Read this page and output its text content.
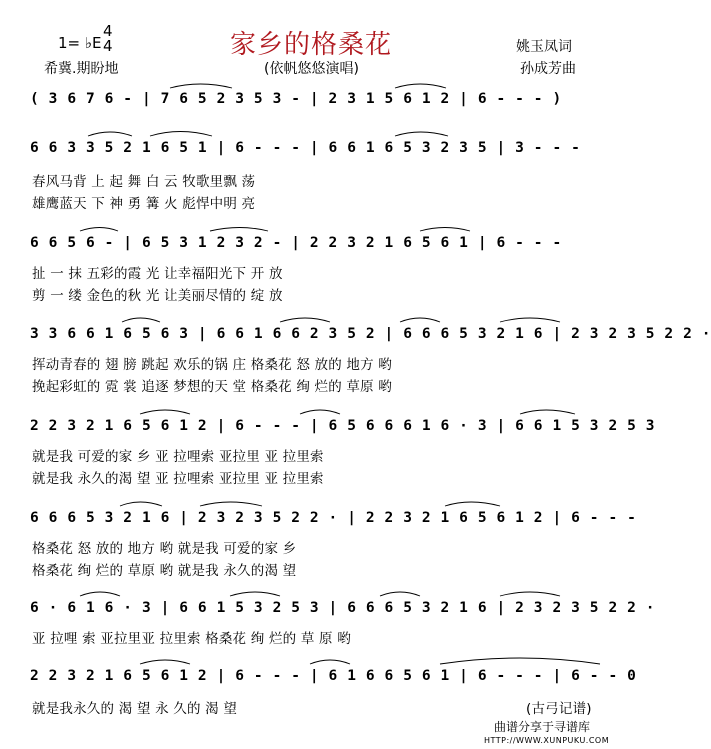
1= ♭E
4
4	家乡的格桑花	姚玉凤词
希冀.期盼地	(依帆悠悠演唱)	孙成芳曲
( 3 6 7 6 - | 7 6 5 2 3 5 3 - | 2 3 1 5 6 1 2 | 6 - - - )
6 6 3 3 5 2 1 6 5 1 | 6 - - - | 6 6 1 6 5 3 2 3 5 | 3 - - -
春风马背 上 起 舞 白 云 牧歌里飘 荡
雄鹰蓝天 下 神 勇 篝 火 彪悍中明 亮
6 6 5 6 - | 6 5 3 1 2 3 2 - | 2 2 3 2 1 6 5 6 1 | 6 - - -
扯 一 抹 五彩的霞 光 让幸福阳光下 开 放
剪 一 缕 金色的秋 光 让美丽尽情的 绽 放
3 3 6 6 1 6 5 6 3 | 6 6 1 6 6 2 3 5 2 | 6 6 6 5 3 2 1 6 | 2 3 2 3 5 2 2 ·
挥动青春的 翅 膀 跳起 欢乐的锅 庄 格桑花 怒 放的 地方 哟
挽起彩虹的 霓 裳 追逐 梦想的天 堂 格桑花 绚 烂的 草原 哟
2 2 3 2 1 6 5 6 1 2 | 6 - - - | 6 5 6 6 6 1 6 · 3 | 6 6 1 5 3 2 5 3
就是我 可爱的家 乡 亚 拉哩索 亚拉里 亚 拉里索
就是我 永久的渴 望 亚 拉哩索 亚拉里 亚 拉里索
6 6 6 5 3 2 1 6 | 2 3 2 3 5 2 2 · | 2 2 3 2 1 6 5 6 1 2 | 6 - - -
格桑花 怒 放的 地方 哟 就是我 可爱的家 乡
格桑花 绚 烂的 草原 哟 就是我 永久的渴 望
6 · 6 1 6 · 3 | 6 6 1 5 3 2 5 3 | 6 6 6 5 3 2 1 6 | 2 3 2 3 5 2 2 ·
亚 拉哩 索 亚拉里亚 拉里索 格桑花 绚 烂的 草 原 哟
2 2 3 2 1 6 5 6 1 2 | 6 - - - | 6 1 6 6 5 6 1 | 6 - - - | 6 - - 0
就是我永久的 渴 望 永 久的 渴 望	(古弓记谱)
曲谱分享于寻谱库
HTTP://WWW.XUNPUKU.COM
